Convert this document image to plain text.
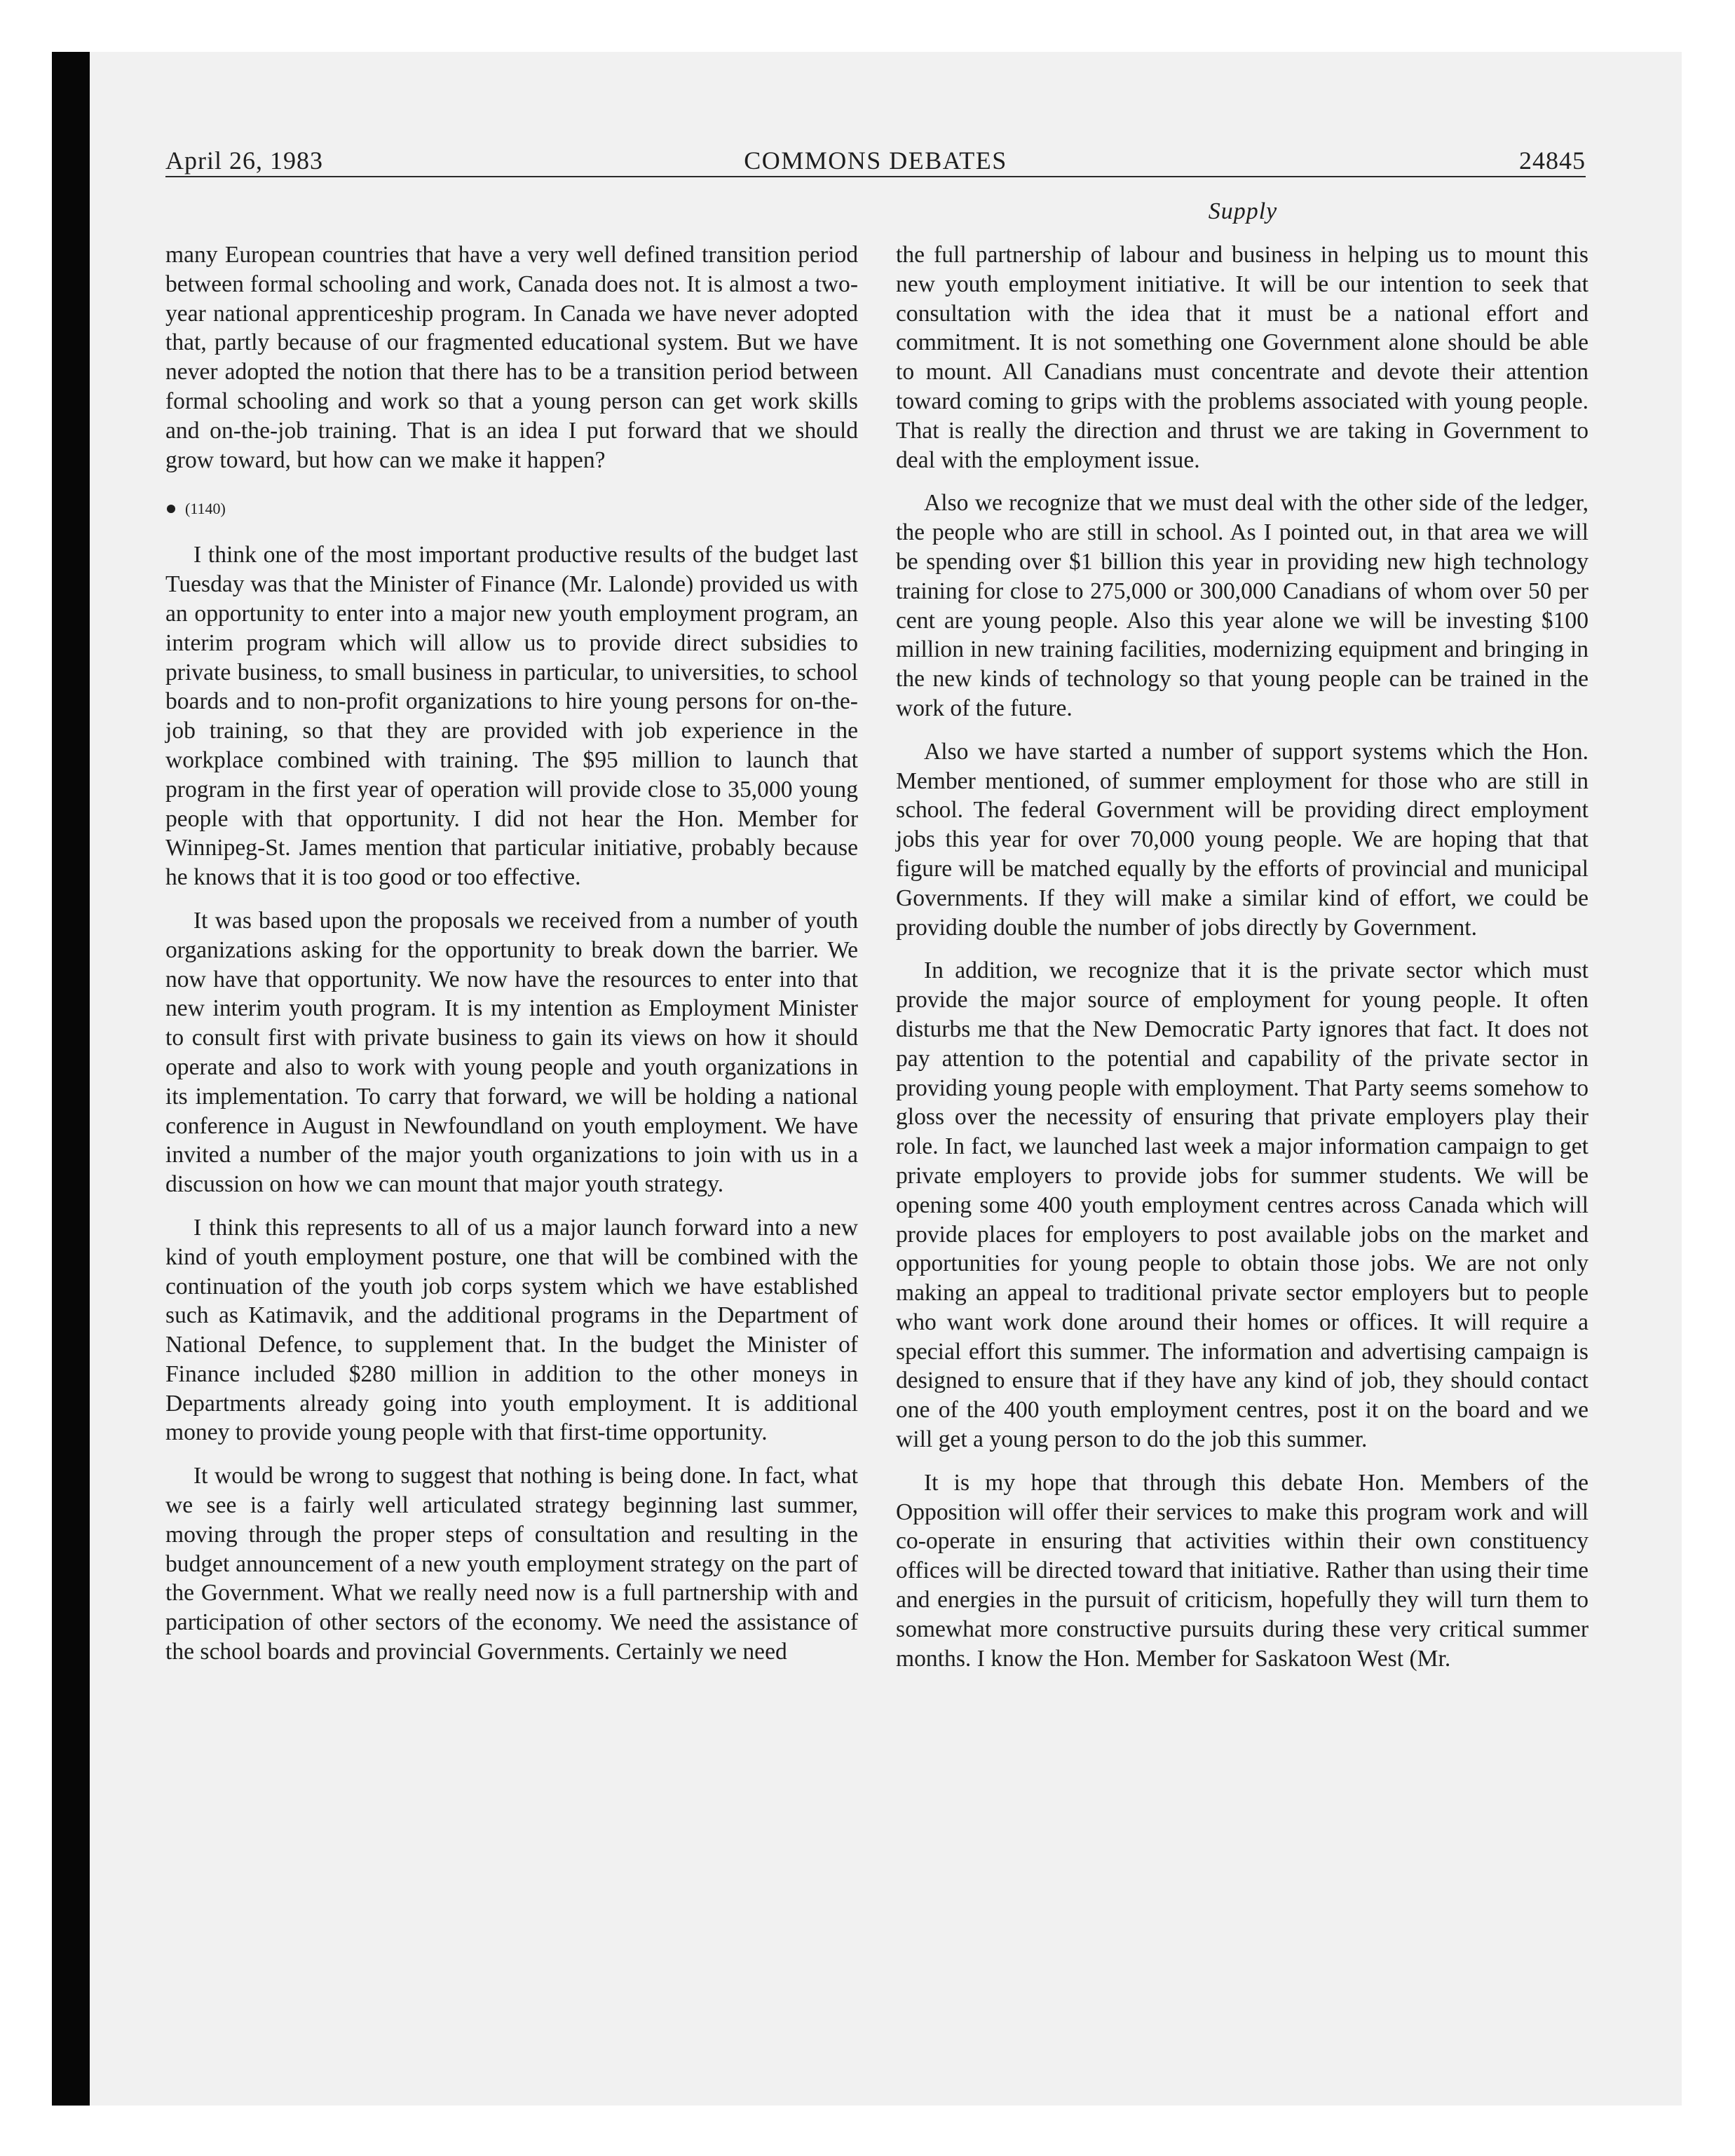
April 26, 1983	COMMONS DEBATES	24845
Supply

many European countries that have a very well defined transition period between formal schooling and work, Canada does not. It is almost a two-year national apprenticeship program. In Canada we have never adopted that, partly because of our fragmented educational system. But we have never adopted the notion that there has to be a transition period between formal schooling and work so that a young person can get work skills and on-the-job training. That is an idea I put forward that we should grow toward, but how can we make it happen?

(1140)

I think one of the most important productive results of the budget last Tuesday was that the Minister of Finance (Mr. Lalonde) provided us with an opportunity to enter into a major new youth employment program, an interim program which will allow us to provide direct subsidies to private business, to small business in particular, to universities, to school boards and to non-profit organizations to hire young persons for on-the-job training, so that they are provided with job experience in the workplace combined with training. The $95 million to launch that program in the first year of operation will provide close to 35,000 young people with that opportunity. I did not hear the Hon. Member for Winnipeg-St. James mention that particular initiative, probably because he knows that it is too good or too effective.

It was based upon the proposals we received from a number of youth organizations asking for the opportunity to break down the barrier. We now have that opportunity. We now have the resources to enter into that new interim youth program. It is my intention as Employment Minister to consult first with private business to gain its views on how it should operate and also to work with young people and youth organizations in its implementation. To carry that forward, we will be holding a national conference in August in Newfoundland on youth employment. We have invited a number of the major youth organizations to join with us in a discussion on how we can mount that major youth strategy.

I think this represents to all of us a major launch forward into a new kind of youth employment posture, one that will be combined with the continuation of the youth job corps system which we have established such as Katimavik, and the additional programs in the Department of National Defence, to supplement that. In the budget the Minister of Finance included $280 million in addition to the other moneys in Departments already going into youth employment. It is additional money to provide young people with that first-time opportunity.

It would be wrong to suggest that nothing is being done. In fact, what we see is a fairly well articulated strategy beginning last summer, moving through the proper steps of consultation and resulting in the budget announcement of a new youth employment strategy on the part of the Government. What we really need now is a full partnership with and participation of other sectors of the economy. We need the assistance of the school boards and provincial Governments. Certainly we need

the full partnership of labour and business in helping us to mount this new youth employment initiative. It will be our intention to seek that consultation with the idea that it must be a national effort and commitment. It is not something one Government alone should be able to mount. All Canadians must concentrate and devote their attention toward coming to grips with the problems associated with young people. That is really the direction and thrust we are taking in Government to deal with the employment issue.

Also we recognize that we must deal with the other side of the ledger, the people who are still in school. As I pointed out, in that area we will be spending over $1 billion this year in providing new high technology training for close to 275,000 or 300,000 Canadians of whom over 50 per cent are young people. Also this year alone we will be investing $100 million in new training facilities, modernizing equipment and bringing in the new kinds of technology so that young people can be trained in the work of the future.

Also we have started a number of support systems which the Hon. Member mentioned, of summer employment for those who are still in school. The federal Government will be providing direct employment jobs this year for over 70,000 young people. We are hoping that that figure will be matched equally by the efforts of provincial and municipal Governments. If they will make a similar kind of effort, we could be providing double the number of jobs directly by Government.

In addition, we recognize that it is the private sector which must provide the major source of employment for young people. It often disturbs me that the New Democratic Party ignores that fact. It does not pay attention to the potential and capability of the private sector in providing young people with employment. That Party seems somehow to gloss over the necessity of ensuring that private employers play their role. In fact, we launched last week a major information campaign to get private employers to provide jobs for summer students. We will be opening some 400 youth employment centres across Canada which will provide places for employers to post available jobs on the market and opportunities for young people to obtain those jobs. We are not only making an appeal to traditional private sector employers but to people who want work done around their homes or offices. It will require a special effort this summer. The information and advertising campaign is designed to ensure that if they have any kind of job, they should contact one of the 400 youth employment centres, post it on the board and we will get a young person to do the job this summer.

It is my hope that through this debate Hon. Members of the Opposition will offer their services to make this program work and will co-operate in ensuring that activities within their own constituency offices will be directed toward that initiative. Rather than using their time and energies in the pursuit of criticism, hopefully they will turn them to somewhat more constructive pursuits during these very critical summer months. I know the Hon. Member for Saskatoon West (Mr.
